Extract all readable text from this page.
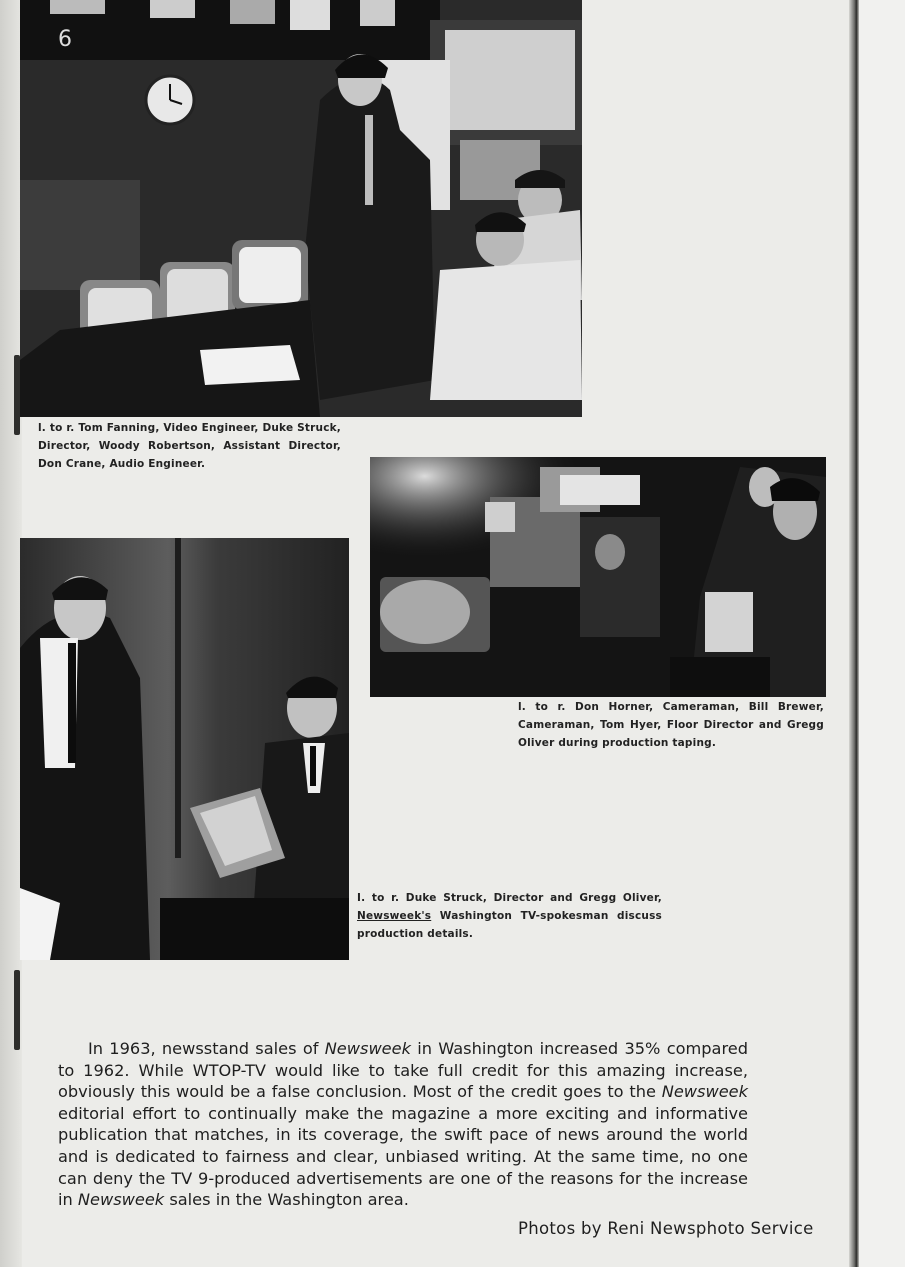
6
l. to r. Tom Fanning, Video Engineer, Duke Struck, Director, Woody Robertson, Assistant Director, Don Crane, Audio Engineer.
l. to r. Don Horner, Cameraman, Bill Brewer, Cameraman, Tom Hyer, Floor Director and Gregg Oliver during production taping.
I. to r. Duke Struck, Director and Gregg Oliver, Newsweek's Washington TV-spokesman discuss production details.

In 1963, newsstand sales of Newsweek in Washington increased 35% compared to 1962. While WTOP-TV would like to take full credit for this amazing increase, obviously this would be a false conclusion. Most of the credit goes to the Newsweek editorial effort to continually make the magazine a more exciting and informative publication that matches, in its coverage, the swift pace of news around the world and is dedicated to fairness and clear, unbiased writing. At the same time, no one can deny the TV 9-produced advertisements are one of the reasons for the increase in Newsweek sales in the Washington area.

Photos by Reni Newsphoto Service
